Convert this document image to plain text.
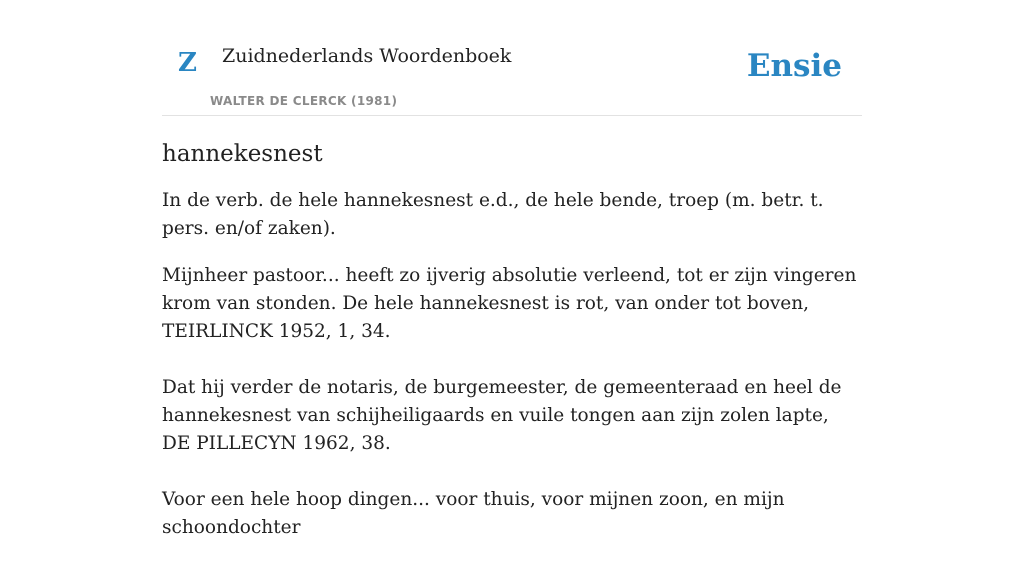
Z Zuidnederlands Woordenboek
WALTER DE CLERCK (1981)
Ensie
hannekesnest

In de verb. de hele hannekesnest e.d., de hele bende, troep (m. betr. t. pers. en/of zaken).

Mijnheer pastoor... heeft zo ijverig absolutie verleend, tot er zijn vingeren krom van stonden. De hele hannekesnest is rot, van onder tot boven, TEIRLINCK 1952, 1, 34.

Dat hij verder de notaris, de burgemeester, de gemeenteraad en heel de hannekesnest van schijheiligaards en vuile tongen aan zijn zolen lapte, DE PILLECYN 1962, 38.

Voor een hele hoop dingen... voor thuis, voor mijnen zoon, en mijn schoondochter
